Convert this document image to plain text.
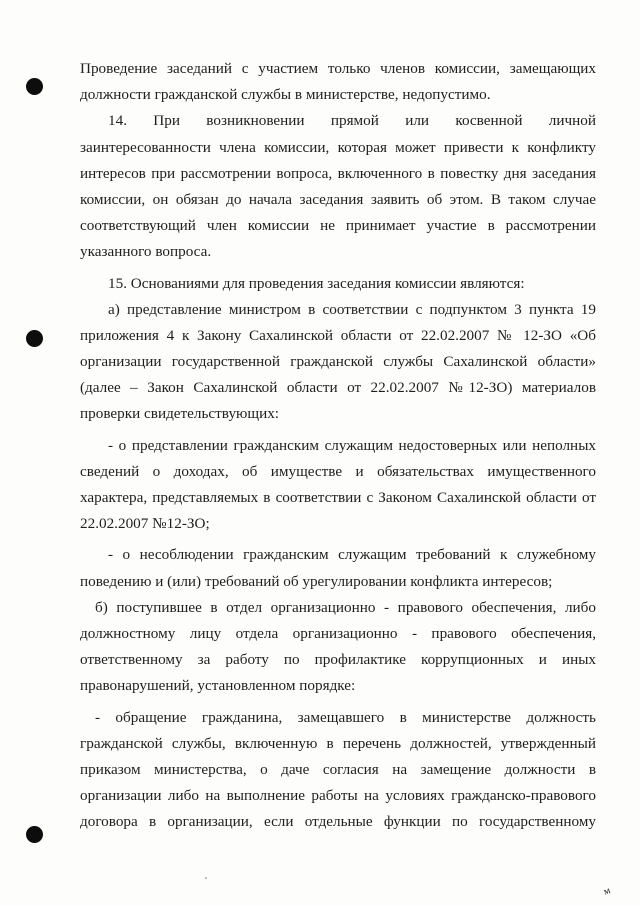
м
Проведение заседаний с участием только членов комиссии, замещающих
должности гражданской службы в министерстве, недопустимо.
14.      При      возникновении      прямой      или      косвенной      личной
заинтересованности члена комиссии, которая может привести к конфликту
интересов при рассмотрении вопроса, включенного в повестку дня заседания
комиссии, он обязан до начала заседания заявить об этом. В таком случае
соответствующий член комиссии не принимает участие в рассмотрении
указанного вопроса.
15. Основаниями для проведения заседания комиссии являются:
а) представление министром в соответствии с подпунктом 3 пункта 19
приложения 4 к Закону Сахалинской области от 22.02.2007 № 12-ЗО «Об
организации государственной гражданской службы Сахалинской области»
(далее – Закон Сахалинской области от 22.02.2007 №12-ЗО) материалов
проверки свидетельствующих:
- о представлении гражданским служащим недостоверных или неполных
сведений о доходах, об имуществе и обязательствах имущественного
характера, представляемых в соответствии с Законом Сахалинской области от
22.02.2007 №12-ЗО;
- о несоблюдении гражданским служащим требований к служебному
поведению и (или) требований об урегулировании конфликта интересов;
б) поступившее в отдел организационно - правового обеспечения, либо
должностному лицу отдела организационно - правового обеспечения,
ответственному за работу по профилактике коррупционных и иных
правонарушений, установленном порядке:
- обращение гражданина, замещавшего в министерстве должность
гражданской службы, включенную в перечень должностей, утвержденный
приказом министерства, о даче согласия на замещение должности в
организации либо на выполнение работы на условиях гражданско-правового
договора в организации, если отдельные функции по государственному
